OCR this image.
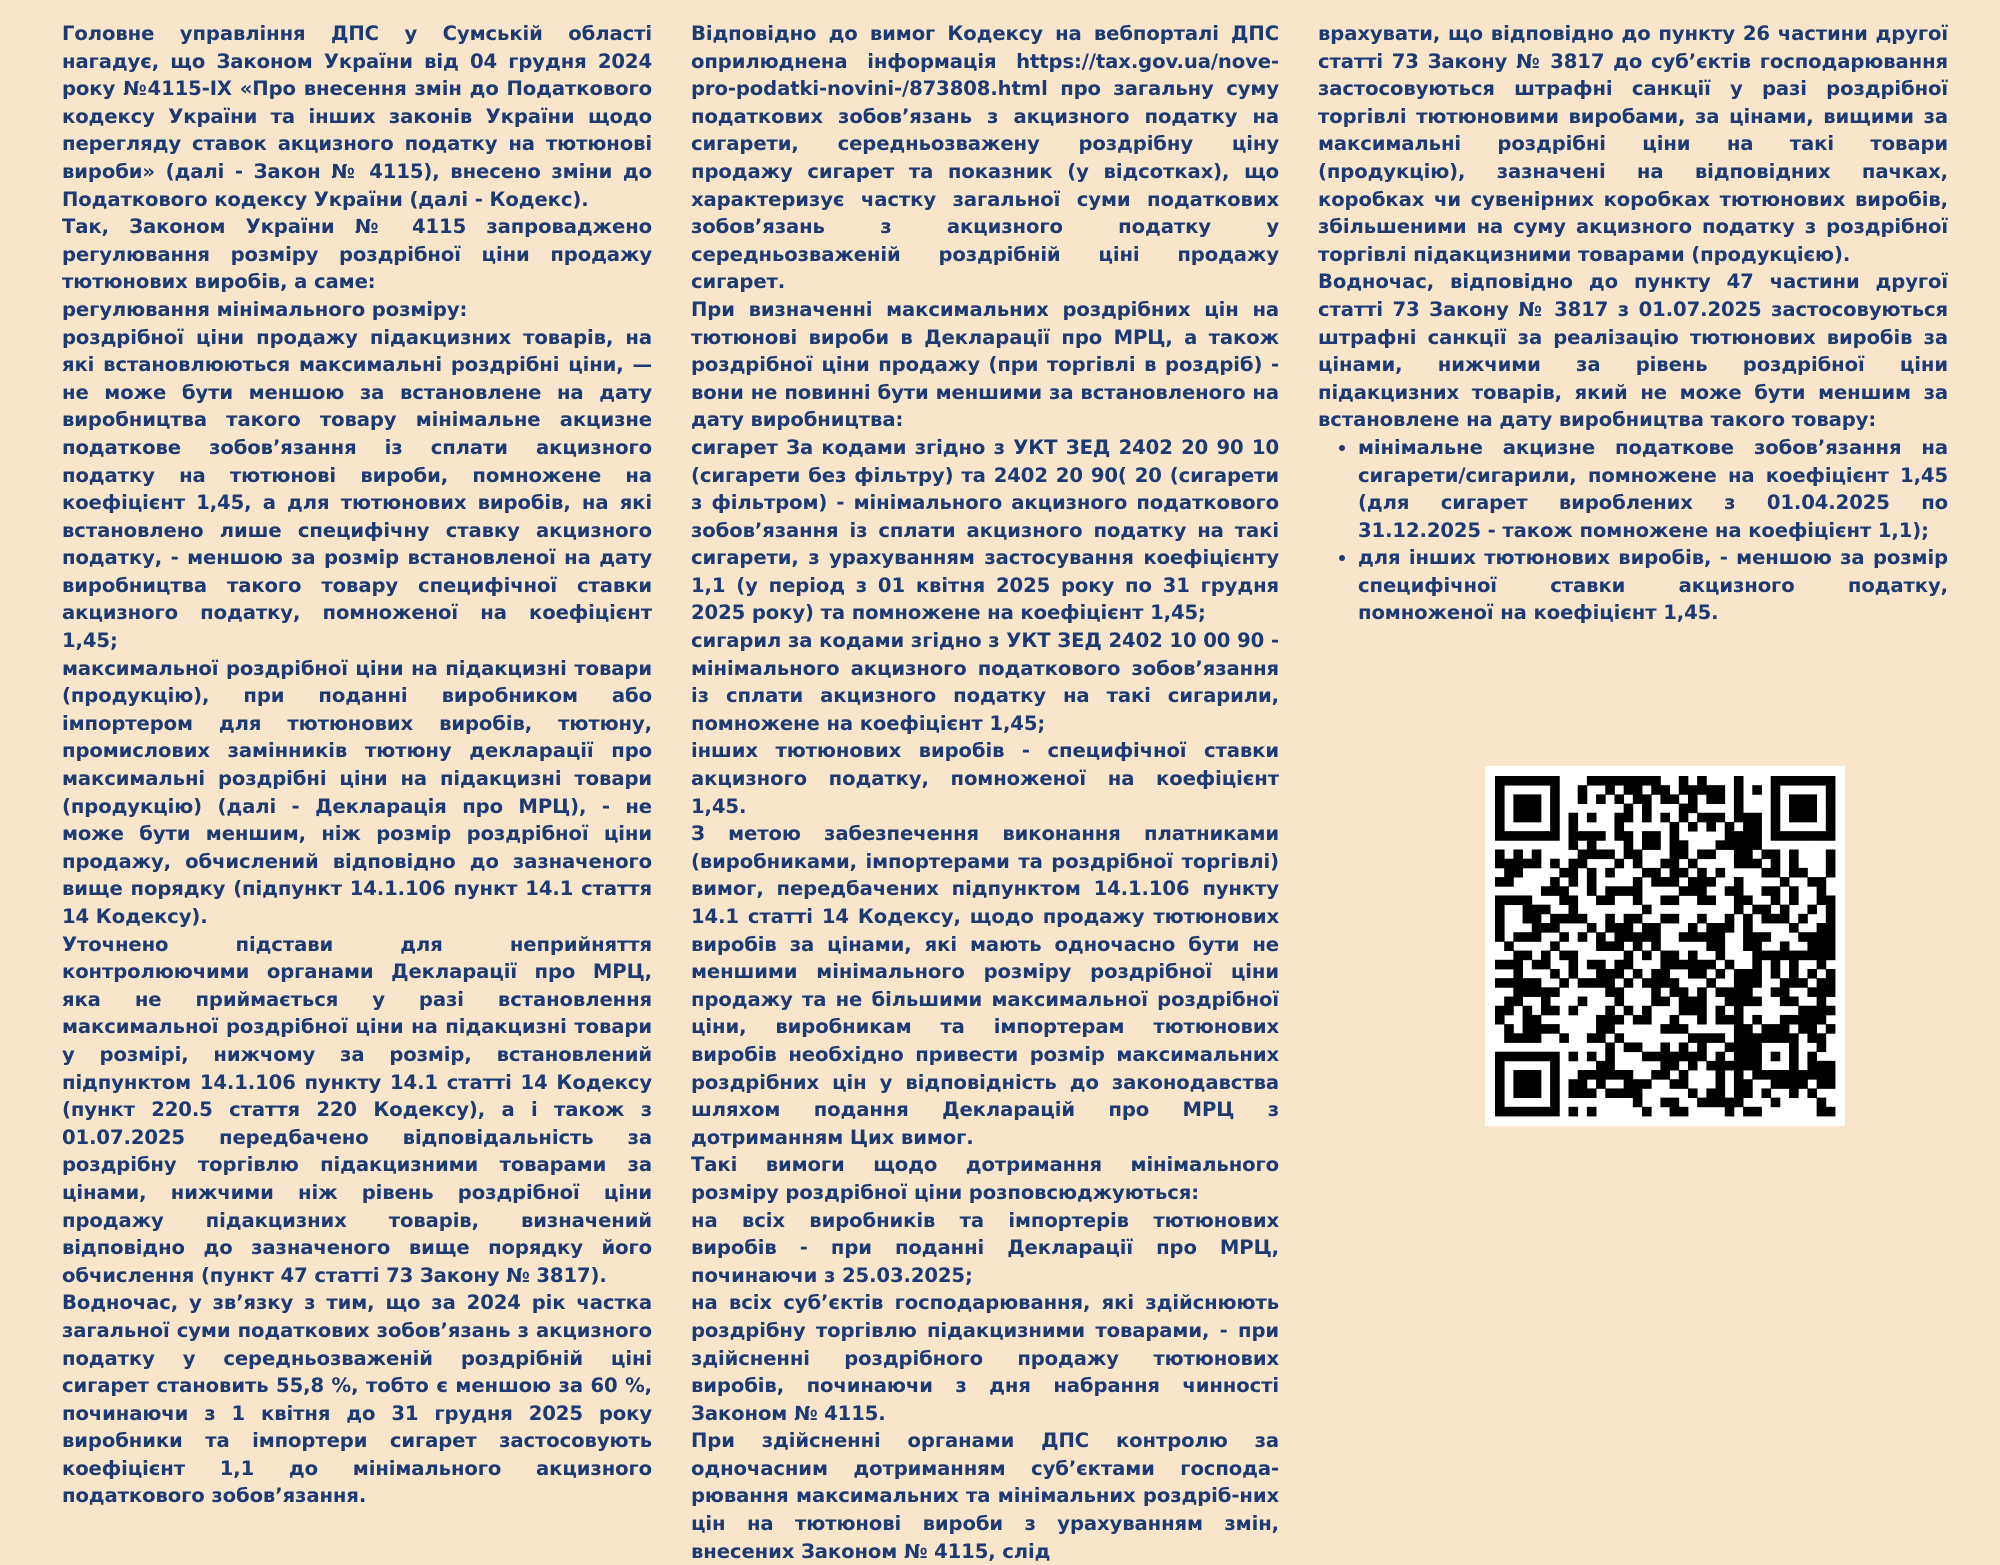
Головне управління ДПС у Сумській області нагадує, що Законом України від 04 грудня 2024 року №4115-ІХ «Про внесення змін до Податкового кодексу України та інших законів України щодо перегляду ставок акцизного податку на тютюнові вироби» (далі - Закон № 4115), внесено зміни до Податкового кодексу України (далі - Кодекс).

Так, Законом України № 4115 запроваджено регулювання розміру роздрібної ціни продажу тютюнових виробів, а саме:

регулювання мінімального розміру:

роздрібної ціни продажу підакцизних товарів, на які встановлюються максимальні роздрібні ціни, — не може бути меншою за встановлене на дату виробництва такого товару мінімальне акцизне податкове зобов’язання із сплати акцизного податку на тютюнові вироби, помножене на коефіцієнт 1,45, а для тютюнових виробів, на які встановлено лише специфічну ставку акцизного податку, - меншою за розмір встановленої на дату виробництва такого товару специфічної ставки акцизного податку, помноженої на коефіцієнт 1,45;

максимальної роздрібної ціни на підакцизні товари (продукцію), при поданні виробником або імпортером для тютюнових виробів, тютюну, промислових замінників тютюну декларації про максимальні роздрібні ціни на підакцизні товари (продукцію) (далі - Декларація про МРЦ), - не може бути меншим, ніж розмір роздрібної ціни продажу, обчислений відповідно до зазначеного вище порядку (підпункт 14.1.106 пункт 14.1 стаття 14 Кодексу).

Уточнено підстави для неприйняття контролюючими органами Декларації про МРЦ, яка не приймається у разі встановлення максимальної роздрібної ціни на підакцизні товари у розмірі, нижчому за розмір, встановлений підпунктом 14.1.106 пункту 14.1 статті 14 Кодексу (пункт 220.5 стаття 220 Кодексу), а і також з 01.07.2025 передбачено відповідальність за роздрібну торгівлю підакцизними товарами за цінами, нижчими ніж рівень роздрібної ціни продажу підакцизних товарів, визначений відповідно до зазначеного вище порядку його обчислення (пункт 47 статті 73 Закону № 3817).

Водночас, у зв’язку з тим, що за 2024 рік частка загальної суми податкових зобов’язань з акцизного податку у середньозваженій роздрібній ціні сигарет становить 55,8 %, тобто є меншою за 60 %, починаючи з 1 квітня до 31 грудня 2025 року виробники та імпортери сигарет застосовують коефіцієнт 1,1 до мінімального акцизного податкового зобов’язання.

Відповідно до вимог Кодексу на вебпорталі ДПС оприлюднена інформація https://tax.gov.ua/nove-pro-podatki-novini-/873808.html про загальну суму податкових зобов’язань з акцизного податку на сигарети, середньозважену роздрібну ціну продажу сигарет та показник (у відсотках), що характеризує частку загальної суми податкових зобов’язань з акцизного податку у середньозваженій роздрібній ціні продажу сигарет.

При визначенні максимальних роздрібних цін на тютюнові вироби в Декларації про МРЦ, а також роздрібної ціни продажу (при торгівлі в роздріб) - вони не повинні бути меншими за встановленого на дату виробництва:

сигарет За кодами згідно з УКТ ЗЕД 2402 20 90 10 (сигарети без фільтру) та 2402 20 90( 20 (сигарети з фільтром) - мінімального акцизного податкового зобов’язання із сплати акцизного податку на такі сигарети, з урахуванням застосування коефіцієнту 1,1 (у період з 01 квітня 2025 року по 31 грудня 2025 року) та помножене на коефіцієнт 1,45;

сигарил за кодами згідно з УКТ ЗЕД 2402 10 00 90 - мінімального акцизного податкового зобов’язання із сплати акцизного податку на такі сигарили, помножене на коефіцієнт 1,45;

інших тютюнових виробів - специфічної ставки акцизного податку, помноженої на коефіцієнт 1,45.

З метою забезпечення виконання платниками (виробниками, імпортерами та роздрібної торгівлі) вимог, передбачених підпунктом 14.1.106 пункту 14.1 статті 14 Кодексу, щодо продажу тютюнових виробів за цінами, які мають одночасно бути не меншими мінімального розміру роздрібної ціни продажу та не більшими максимальної роздрібної ціни, виробникам та імпортерам тютюнових виробів необхідно привести розмір максимальних роздрібних цін у відповідність до законодавства шляхом подання Декларацій про МРЦ з дотриманням Цих вимог.

Такі вимоги щодо дотримання мінімального розміру роздрібної ціни розповсюджуються:

на всіх виробників та імпортерів тютюнових виробів - при поданні Декларації про МРЦ, починаючи з 25.03.2025;

на всіх суб’єктів господарювання, які здійснюють роздрібну торгівлю підакцизними товарами, - при здійсненні роздрібного продажу тютюнових виробів, починаючи з дня набрання чинності Законом № 4115.

При здійсненні органами ДПС контролю за одночасним дотриманням суб’єктами господа-рювання максимальних та мінімальних роздріб-них цін на тютюнові вироби з урахуванням змін, внесених Законом № 4115, слід

врахувати, що відповідно до пункту 26 частини другої статті 73 Закону № 3817 до суб’єктів господарювання застосовуються штрафні санкції у разі роздрібної торгівлі тютюновими виробами, за цінами, вищими за максимальні роздрібні ціни на такі товари (продукцію), зазначені на відповідних пачках, коробках чи сувенірних коробках тютюнових виробів, збільшеними на суму акцизного податку з роздрібної торгівлі підакцизними товарами (продукцією).

Водночас, відповідно до пункту 47 частини другої статті 73 Закону № 3817 з 01.07.2025 застосовуються штрафні санкції за реалізацію тютюнових виробів за цінами, нижчими за рівень роздрібної ціни підакцизних товарів, який не може бути меншим за встановлене на дату виробництва такого товару:

• мінімальне акцизне податкове зобов’язання на сигарети/сигарили, помножене на коефіцієнт 1,45 (для сигарет вироблених з 01.04.2025 по 31.12.2025 - також помножене на коефіцієнт 1,1);
• для інших тютюнових виробів, - меншою за розмір специфічної ставки акцизного податку, помноженої на коефіцієнт 1,45.
